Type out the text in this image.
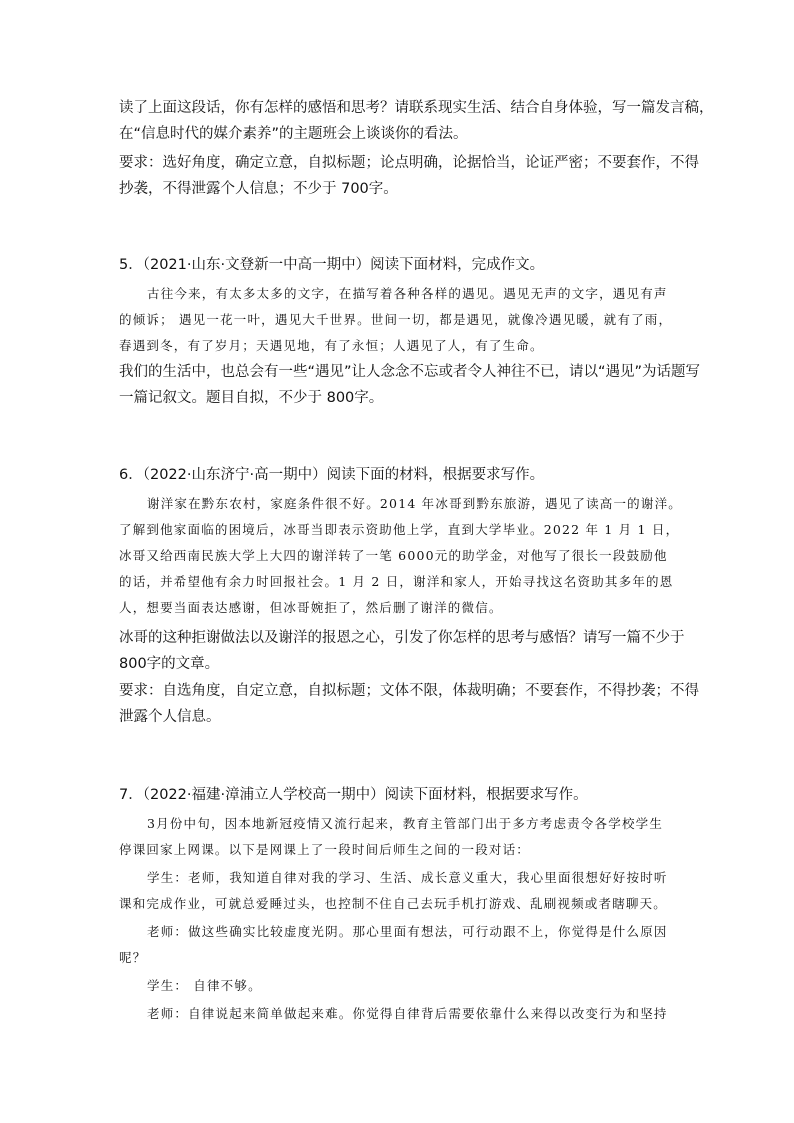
读了上面这段话，你有怎样的感悟和思考？请联系现实生活、结合自身体验，写一篇发言稿，
在“信息时代的媒介素养”的主题班会上谈谈你的看法。
要求：选好角度，确定立意，自拟标题；论点明确，论据恰当，论证严密；不要套作，不得
抄袭，不得泄露个人信息；不少于 700字。
5．（2021·山东·文登新一中高一期中）阅读下面材料，完成作文。
古往今来，有太多太多的文字，在描写着各种各样的遇见。遇见无声的文字，遇见有声
的倾诉； 遇见一花一叶，遇见大千世界。世间一切，都是遇见，就像冷遇见暖，就有了雨，
春遇到冬，有了岁月；天遇见地，有了永恒；人遇见了人，有了生命。
我们的生活中，也总会有一些“遇见”让人念念不忘或者令人神往不已，请以“遇见”为话题写
一篇记叙文。题目自拟，不少于 800字。
6．（2022·山东济宁·高一期中）阅读下面的材料，根据要求写作。
谢洋家在黔东农村，家庭条件很不好。2014 年冰哥到黔东旅游，遇见了读高一的谢洋。
了解到他家面临的困境后，冰哥当即表示资助他上学，直到大学毕业。2022 年 1 月 1 日，
冰哥又给西南民族大学上大四的谢洋转了一笔 6000元的助学金，对他写了很长一段鼓励他
的话，并希望他有余力时回报社会。1 月 2 日，谢洋和家人，开始寻找这名资助其多年的恩
人，想要当面表达感谢，但冰哥婉拒了，然后删了谢洋的微信。
冰哥的这种拒谢做法以及谢洋的报恩之心，引发了你怎样的思考与感悟？请写一篇不少于
800字的文章。
要求：自选角度，自定立意，自拟标题；文体不限，体裁明确；不要套作，不得抄袭；不得
泄露个人信息。
7．（2022·福建·漳浦立人学校高一期中）阅读下面材料，根据要求写作。
3月份中旬，因本地新冠疫情又流行起来，教育主管部门出于多方考虑责令各学校学生
停课回家上网课。以下是网课上了一段时间后师生之间的一段对话：
学生：老师，我知道自律对我的学习、生活、成长意义重大，我心里面很想好好按时听
课和完成作业，可就总爱睡过头，也控制不住自己去玩手机打游戏、乱刷视频或者瞎聊天。
老师：做这些确实比较虚度光阴。那心里面有想法，可行动跟不上，你觉得是什么原因
呢？
学生： 自律不够。
老师：自律说起来简单做起来难。你觉得自律背后需要依靠什么来得以改变行为和坚持
